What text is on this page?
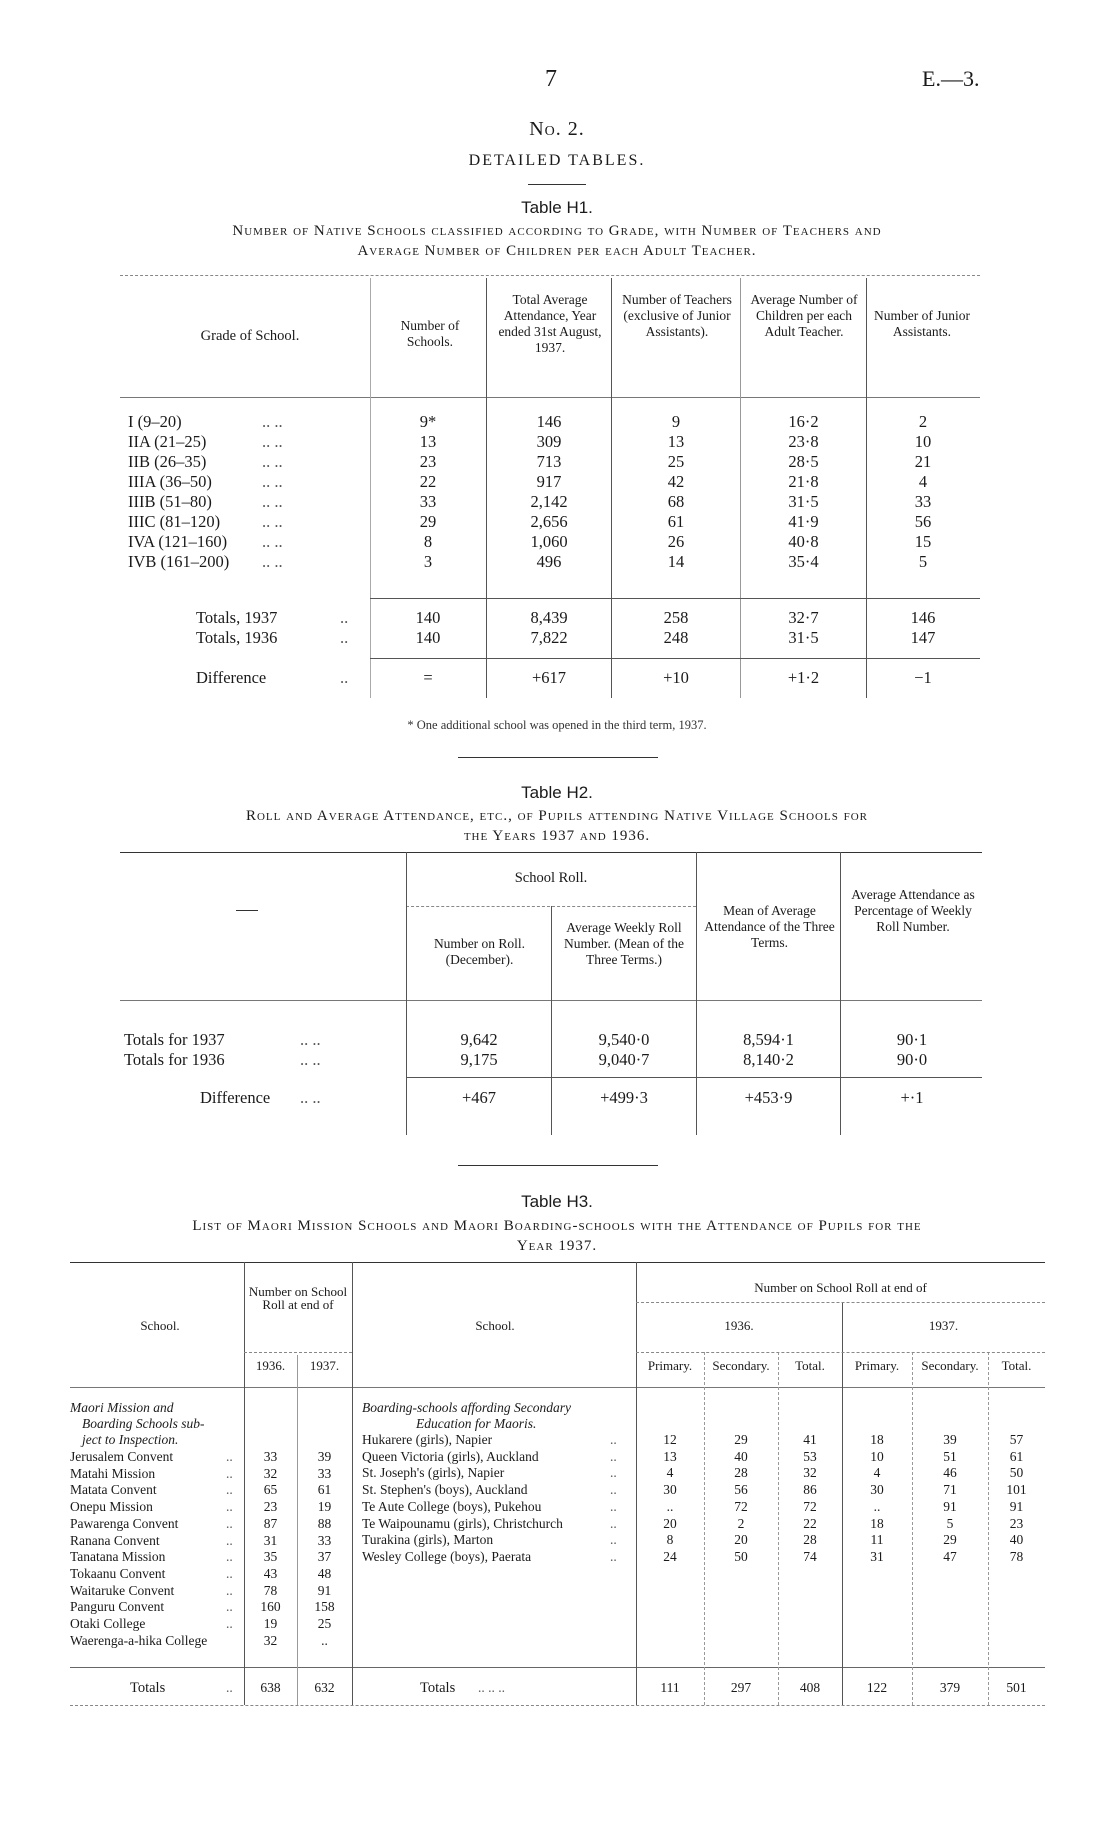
7	E.—3.
No. 2.
DETAILED TABLES.
Table H1.
Number of Native Schools classified according to Grade, with Number of Teachers and
Average Number of Children per each Adult Teacher.
Grade of School.
Number of Schools.
Total Average Attendance, Year ended 31st August, 1937.
Number of Teachers (exclusive of Junior Assistants).
Average Number of Children per each Adult Teacher.
Number of Junior Assistants.
I (9–20)	.. ..	9*	146	9	16·2	2
IIA (21–25)	.. ..	13	309	13	23·8	10
IIB (26–35)	.. ..	23	713	25	28·5	21
IIIA (36–50)	.. ..	22	917	42	21·8	4
IIIB (51–80)	.. ..	33	2,142	68	31·5	33
IIIC (81–120)	.. ..	29	2,656	61	41·9	56
IVA (121–160) .. ..	8	1,060	26	40·8	15
IVB (161–200) .. ..	3	496	14	35·4	5
Totals, 1937	..	140	8,439	258	32·7	146
Totals, 1936	..	140	7,822	248	31·5	147
Difference	..	=	+617	+10	+1·2	−1
* One additional school was opened in the third term, 1937.
Table H2.
Roll and Average Attendance, etc., of Pupils attending Native Village Schools for
the Years 1937 and 1936.
School Roll.
Number on Roll. (December).
Average Weekly Roll Number. (Mean of the Three Terms.)
Mean of Average Attendance of the Three Terms.
Average Attendance as Percentage of Weekly Roll Number.
Totals for 1937	.. ..	9,642	9,540·0	8,594·1	90·1
Totals for 1936	.. ..	9,175	9,040·7	8,140·2	90·0
Difference .. ..	+467	+499·3	+453·9	+·1
Table H3.
List of Maori Mission Schools and Maori Boarding-schools with the Attendance of Pupils for the
Year 1937.
School.
Number on School Roll at end of
1936.	1937.
School.
Number on School Roll at end of
1936.	1937.
Primary.	Secondary.	Total.	Primary.	Secondary.	Total.
Maori Mission and
Boarding Schools sub-
ject to Inspection.
Boarding-schools affording Secondary
Education for Maoris.
Jerusalem Convent	..	33	39
Matahi Mission	..	32	33
Matata Convent	..	65	61
Onepu Mission	..	23	19
Pawarenga Convent	..	87	88
Ranana Convent	..	31	33
Tanatana Mission	..	35	37
Tokaanu Convent	..	43	48
Waitaruke Convent	..	78	91
Panguru Convent	..	160	158
Otaki College	..	19	25
Waerenga-a-hika College	32	..
Totals	..	638	632
Hukarere (girls), Napier	..	12	29	41	18	39	57
Queen Victoria (girls), Auckland	..	13	40	53	10	51	61
St. Joseph's (girls), Napier	..	4	28	32	4	46	50
St. Stephen's (boys), Auckland	..	30	56	86	30	71	101
Te Aute College (boys), Pukehou	..	..	72	72	..	91	91
Te Waipounamu (girls), Christchurch	..	20	2	22	18	5	23
Turakina (girls), Marton	..	8	20	28	11	29	40
Wesley College (boys), Paerata	..	24	50	74	31	47	78
Totals .. .. ..	111	297	408	122	379	501
